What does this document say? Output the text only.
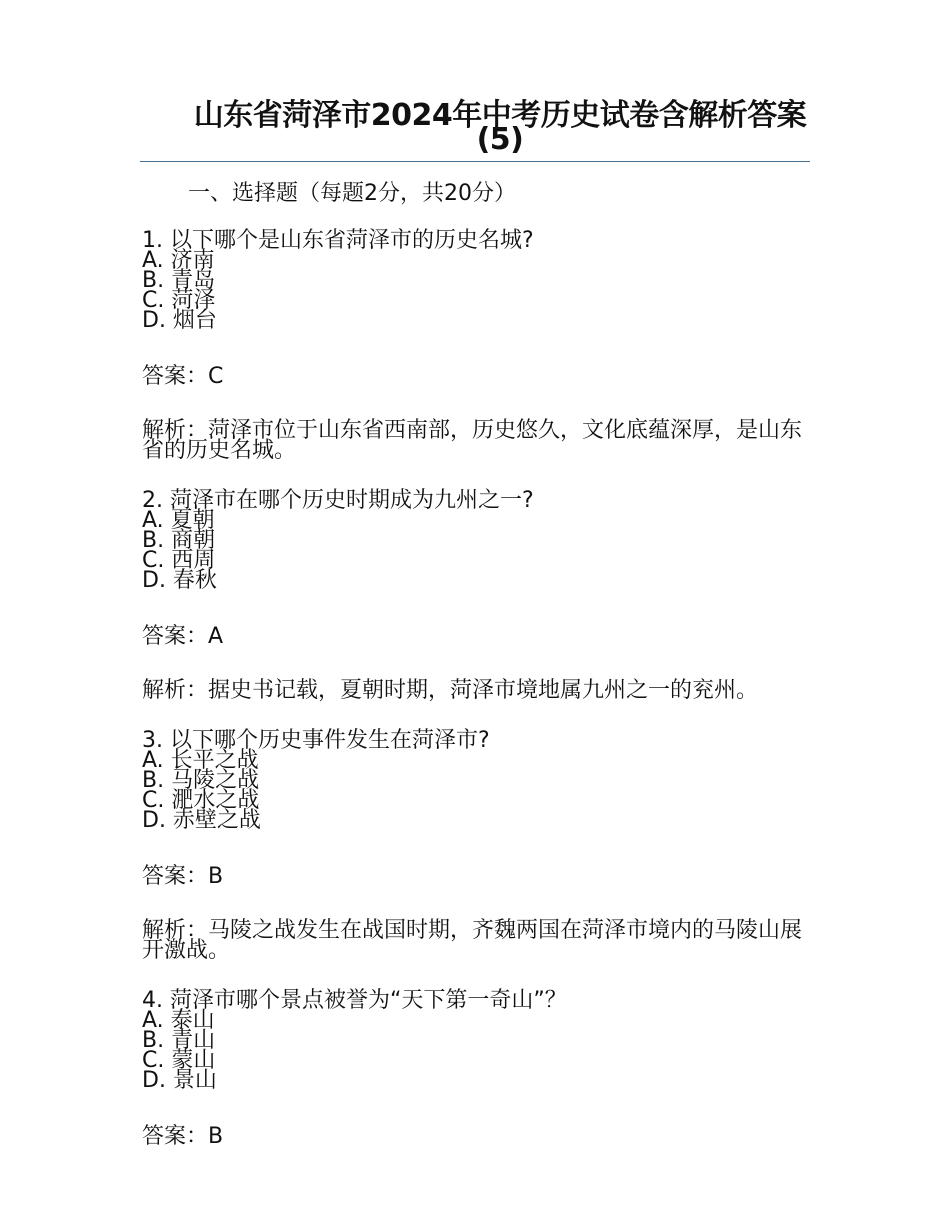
山东省菏泽市2024年中考历史试卷含解析答案(5)

一、选择题（每题2分，共20分）

1. 以下哪个是山东省菏泽市的历史名城?

A. 济南

B. 青岛

C. 菏泽

D. 烟台

答案：C

解析：菏泽市位于山东省西南部，历史悠久，文化底蕴深厚，是山东省的历史名城。

2. 菏泽市在哪个历史时期成为九州之一?

A. 夏朝

B. 商朝

C. 西周

D. 春秋

答案：A

解析：据史书记载，夏朝时期，菏泽市境地属九州之一的兖州。

3. 以下哪个历史事件发生在菏泽市?

A. 长平之战

B. 马陵之战

C. 淝水之战

D. 赤壁之战

答案：B

解析：马陵之战发生在战国时期，齐魏两国在菏泽市境内的马陵山展开激战。

4. 菏泽市哪个景点被誉为“天下第一奇山”？

A. 泰山

B. 青山

C. 蒙山

D. 景山

答案：B
